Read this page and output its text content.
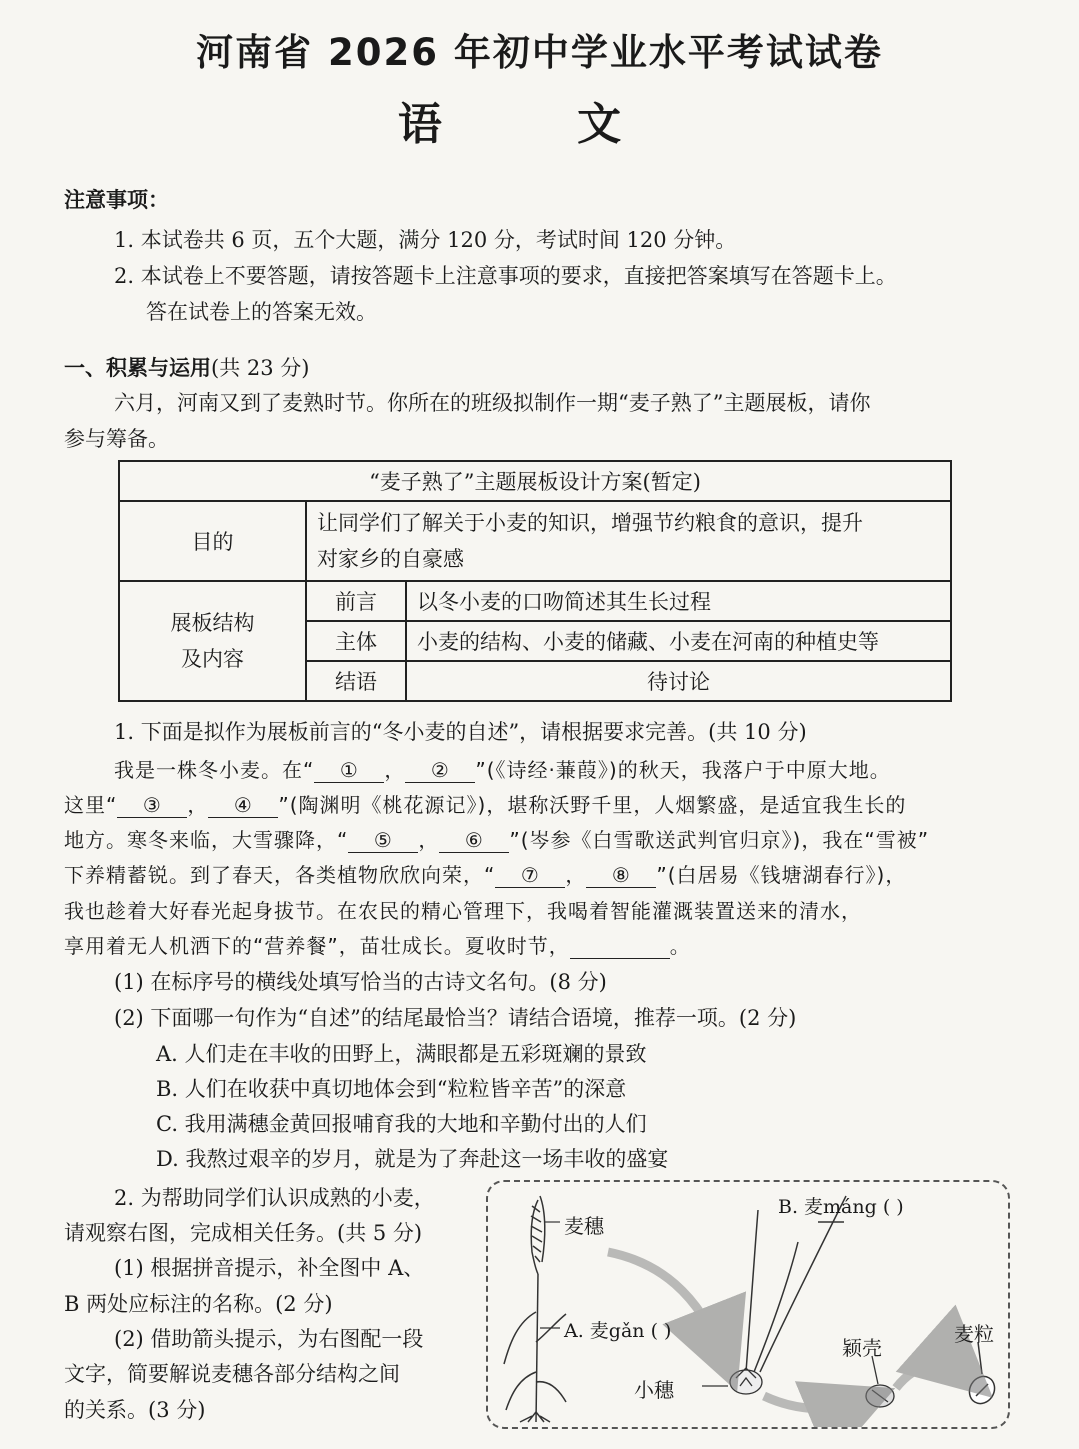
河南省 2026 年初中学业水平考试试卷
语 文
注意事项：
1. 本试卷共 6 页，五个大题，满分 120 分，考试时间 120 分钟。
2. 本试卷上不要答题，请按答题卡上注意事项的要求，直接把答案填写在答题卡上。
答在试卷上的答案无效。
一、积累与运用(共 23 分)
六月，河南又到了麦熟时节。你所在的班级拟制作一期“麦子熟了”主题展板，请你
参与筹备。
“麦子熟了”主题展板设计方案(暂定)		
目的	让同学们了解关于小麦的知识，增强节约粮食的意识，提升
对家乡的自豪感	

展板结构
及内容	前言	以冬小麦的口吻简述其生长过程
	主体	小麦的结构、小麦的储藏、小麦在河南的种植史等
	结语	待讨论
1. 下面是拟作为展板前言的“冬小麦的自述”，请根据要求完善。(共 10 分)
我是一株冬小麦。在“ ① ， ② ”(《诗经·蒹葭》)的秋天，我落户于中原大地。
这里“ ③ ， ④ ”(陶渊明《桃花源记》)，堪称沃野千里，人烟繁盛，是适宜我生长的
地方。寒冬来临，大雪骤降，“ ⑤ ， ⑥ ”(岑参《白雪歌送武判官归京》)，我在“雪被”
下养精蓄锐。到了春天，各类植物欣欣向荣，“ ⑦ ， ⑧ ”(白居易《钱塘湖春行》)，
我也趁着大好春光起身拔节。在农民的精心管理下，我喝着智能灌溉装置送来的清水，
享用着无人机洒下的“营养餐”，苗壮成长。夏收时节，	。
(1) 在标序号的横线处填写恰当的古诗文名句。(8 分)
(2) 下面哪一句作为“自述”的结尾最恰当？请结合语境，推荐一项。(2 分)
A. 人们走在丰收的田野上，满眼都是五彩斑斓的景致
B. 人们在收获中真切地体会到“粒粒皆辛苦”的深意
C. 我用满穗金黄回报哺育我的大地和辛勤付出的人们
D. 我熬过艰辛的岁月，就是为了奔赴这一场丰收的盛宴
2. 为帮助同学们认识成熟的小麦，
请观察右图，完成相关任务。(共 5 分)
(1) 根据拼音提示，补全图中 A、
B 两处应标注的名称。(2 分)
(2) 借助箭头提示，为右图配一段
文字，简要解说麦穗各部分结构之间
的关系。(3 分)
麦穗
B. 麦máng ( )
A. 麦gǎn ( )
小穗
颖壳
麦粒
